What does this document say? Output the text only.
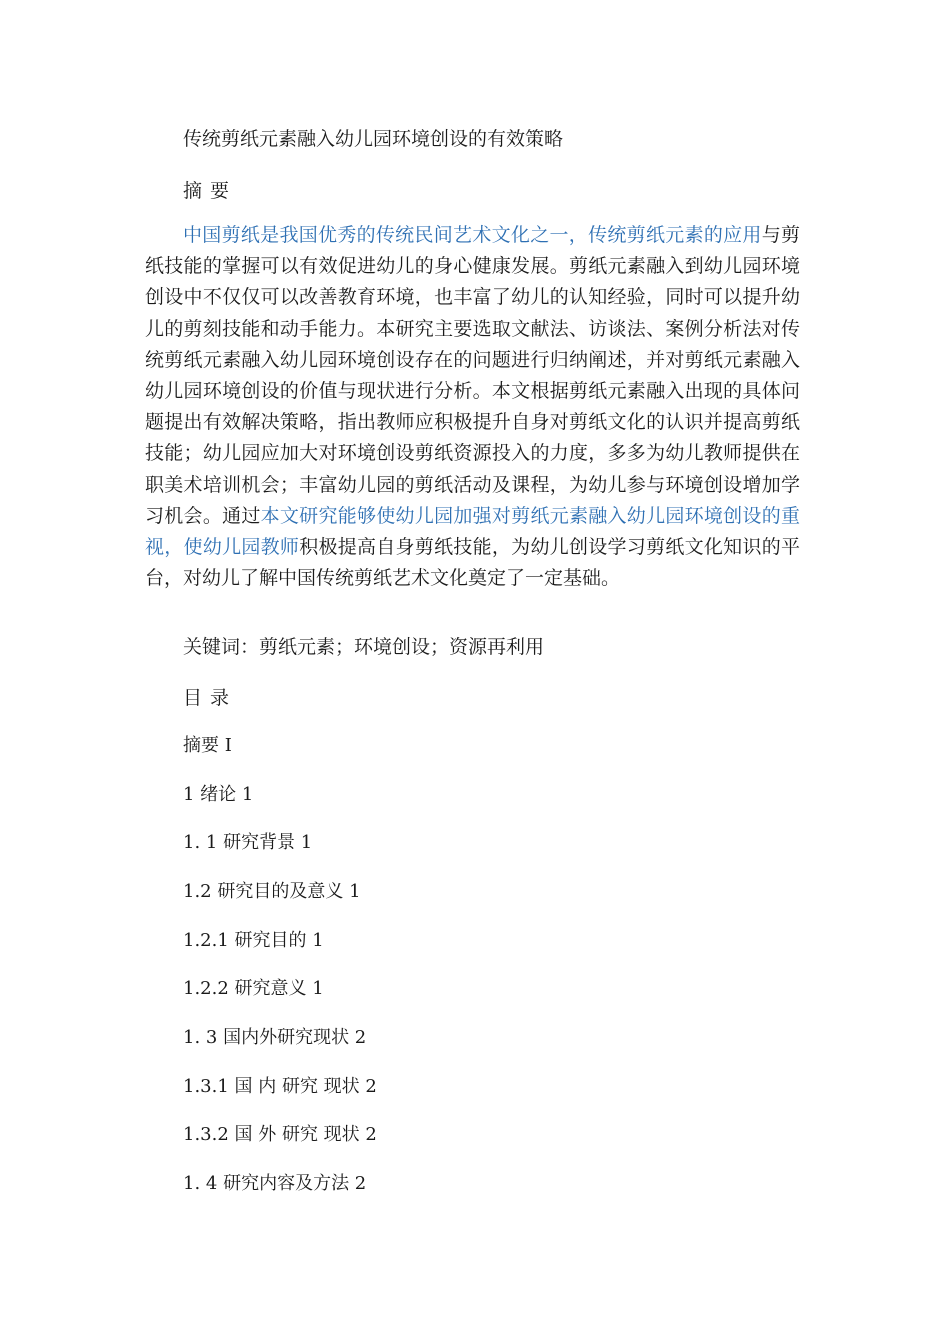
传统剪纸元素融入幼儿园环境创设的有效策略
摘 要

中国剪纸是我国优秀的传统民间艺术文化之一，传统剪纸元素的应用与剪纸技能的掌握可以有效促进幼儿的身心健康发展。剪纸元素融入到幼儿园环境创设中不仅仅可以改善教育环境，也丰富了幼儿的认知经验，同时可以提升幼儿的剪刻技能和动手能力。本研究主要选取文献法、访谈法、案例分析法对传统剪纸元素融入幼儿园环境创设存在的问题进行归纳阐述，并对剪纸元素融入幼儿园环境创设的价值与现状进行分析。本文根据剪纸元素融入出现的具体问题提出有效解决策略，指出教师应积极提升自身对剪纸文化的认识并提高剪纸技能；幼儿园应加大对环境创设剪纸资源投入的力度，多多为幼儿教师提供在职美术培训机会；丰富幼儿园的剪纸活动及课程，为幼儿参与环境创设增加学习机会。通过本文研究能够使幼儿园加强对剪纸元素融入幼儿园环境创设的重视，使幼儿园教师积极提高自身剪纸技能，为幼儿创设学习剪纸文化知识的平台，对幼儿了解中国传统剪纸艺术文化奠定了一定基础。

关键词：剪纸元素；环境创设；资源再利用
目 录
摘要 I
1 绪论 1
1. 1 研究背景 1
1.2 研究目的及意义 1
1.2.1 研究目的 1
1.2.2 研究意义 1
1. 3 国内外研究现状 2
1.3.1 国 内 研究 现状 2
1.3.2 国 外 研究 现状 2
1. 4 研究内容及方法 2
